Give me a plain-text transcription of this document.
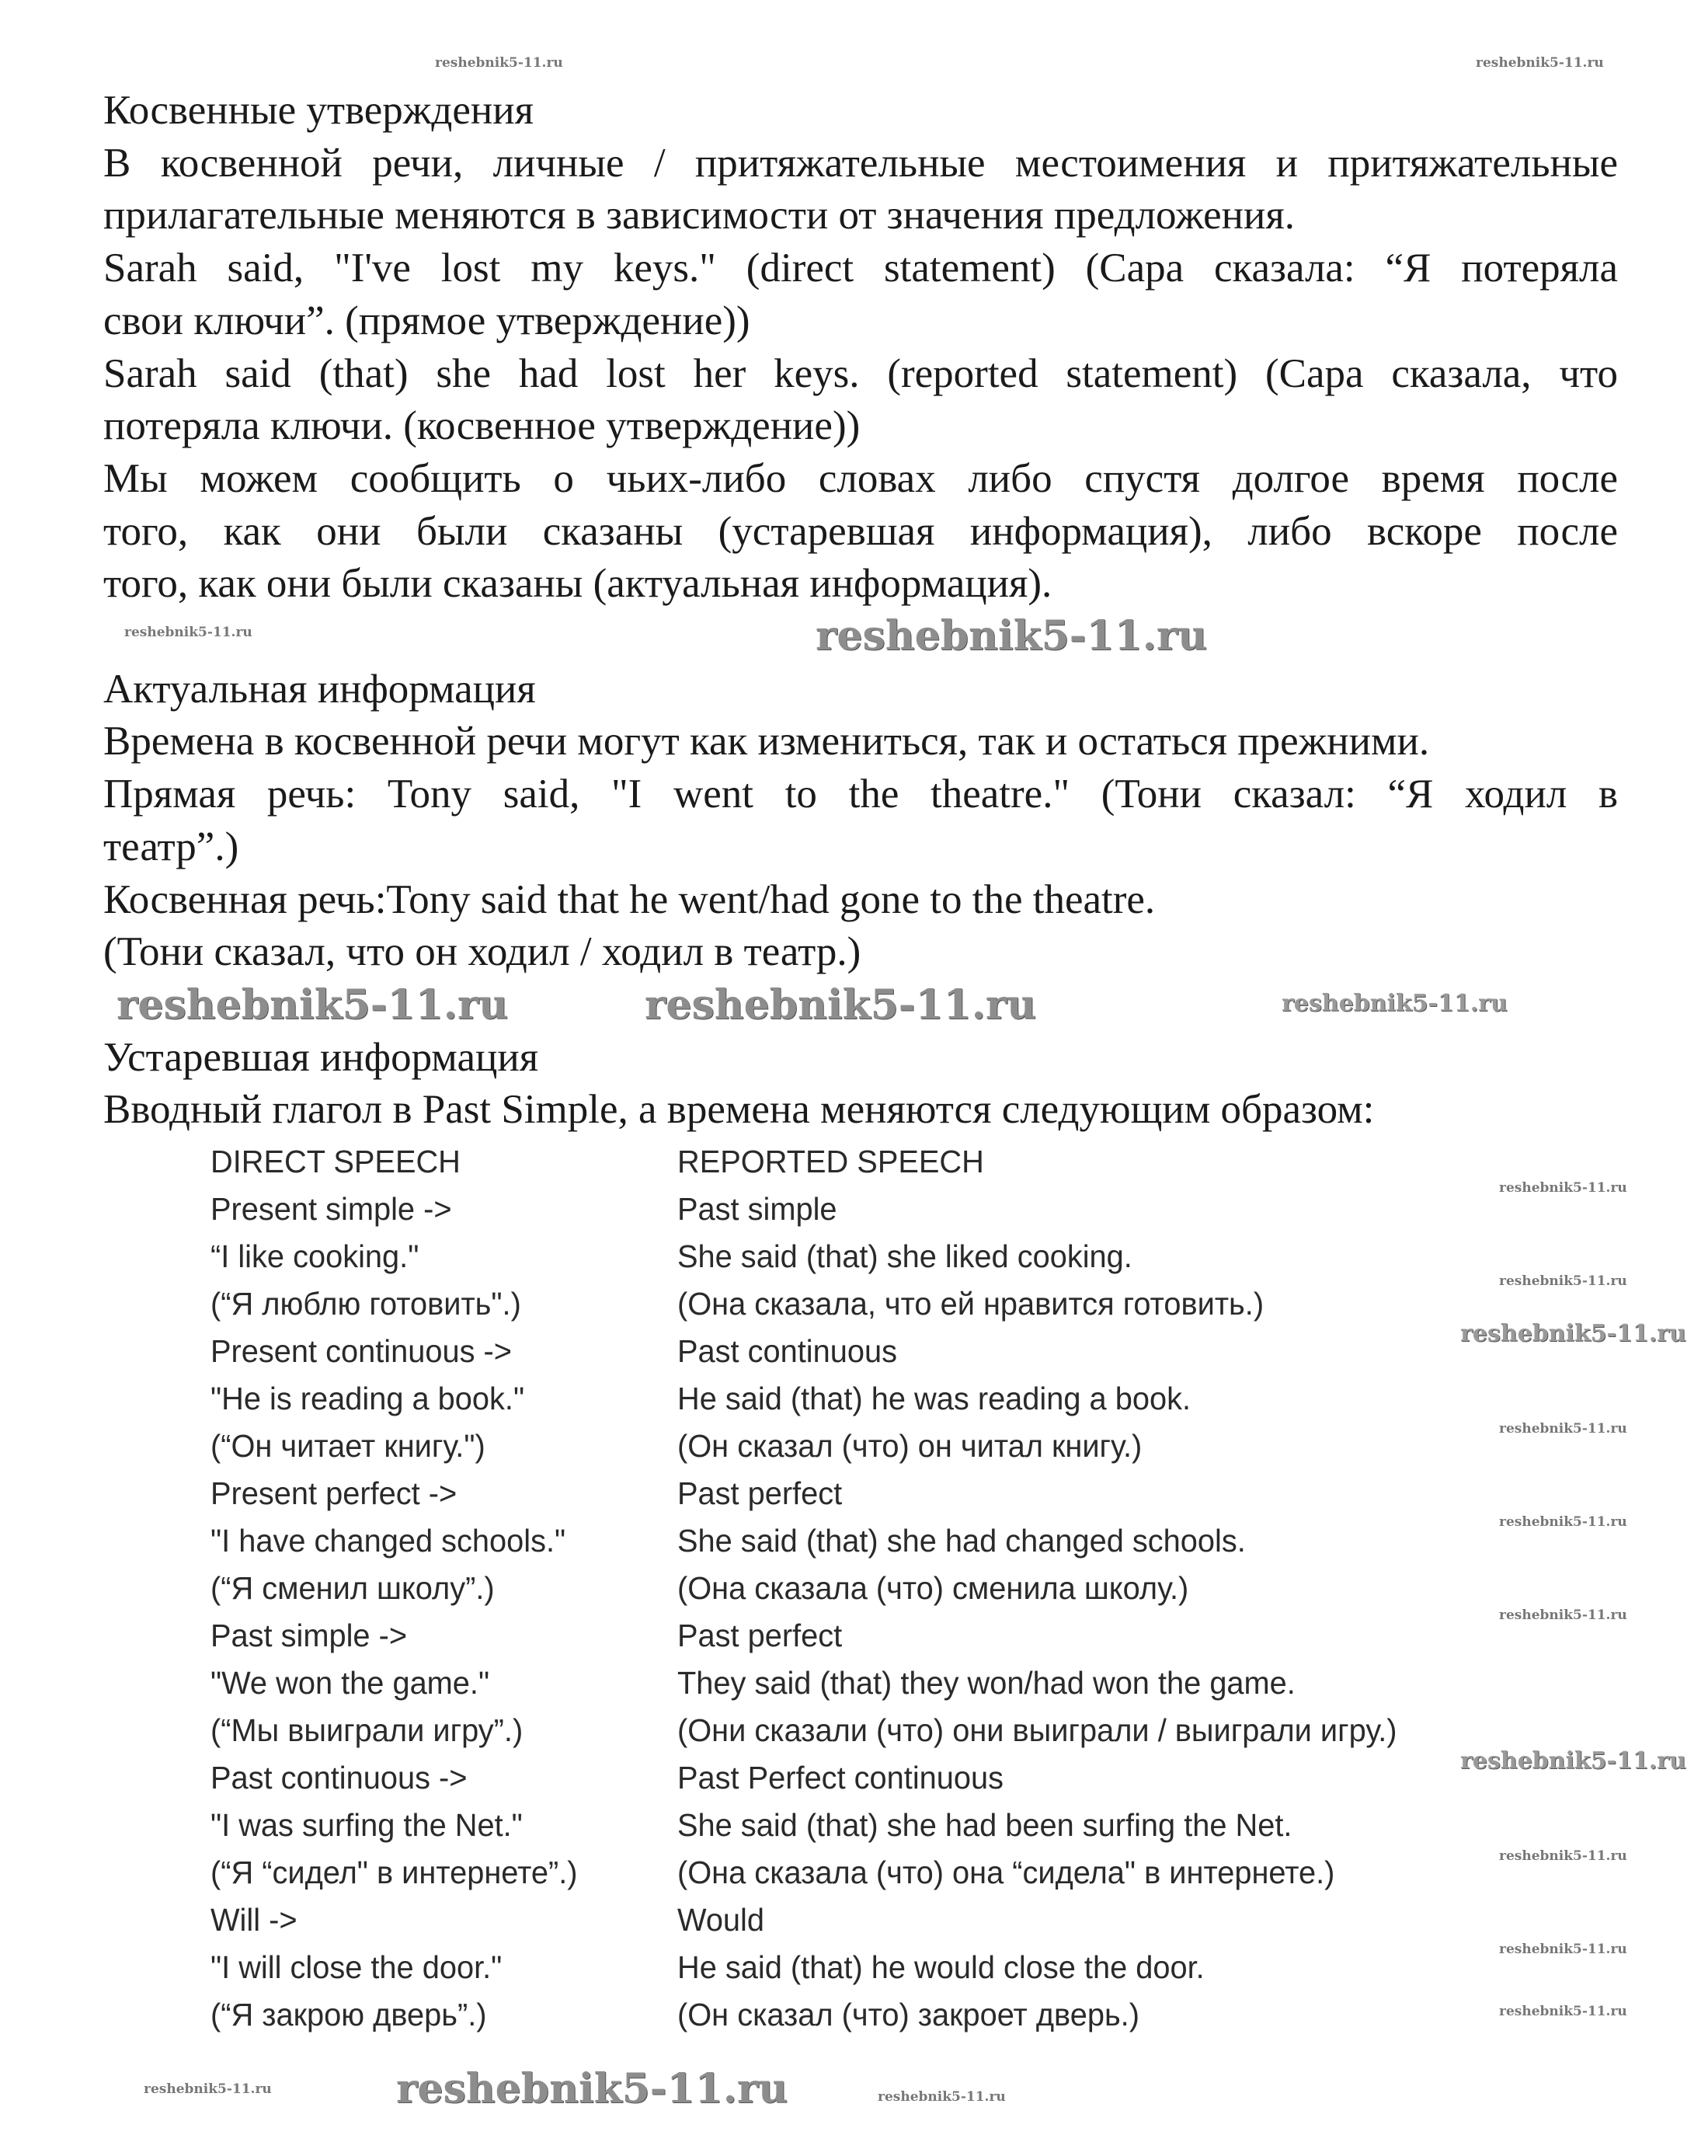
Косвенные утверждения
В косвенной речи, личные / притяжательные местоимения и притяжательные
прилагательные меняются в зависимости от значения предложения.
Sarah said, "I've lost my keys." (direct statement) (Сара сказала: “Я потеряла
свои ключи”. (прямое утверждение))
Sarah said (that) she had lost her keys. (reported statement) (Сара сказала, что
потеряла ключи. (косвенное утверждение))
Мы можем сообщить о чьих-либо словах либо спустя долгое время после
того, как они были сказаны (устаревшая информация), либо вскоре после
того, как они были сказаны (актуальная информация).
Актуальная информация
Времена в косвенной речи могут как измениться, так и остаться прежними.
Прямая речь: Tony said, "I went to the theatre." (Тони сказал: “Я ходил в
театр”.)
Косвенная речь:Tony said that he went/had gone to the theatre.
(Тони сказал, что он ходил / ходил в театр.)
Устаревшая информация
Вводный глагол в Past Simple, а времена меняются следующим образом:
DIRECT SPEECH	REPORTED SPEECH
Present simple ->	Past simple
“I like cooking."	She said (that) she liked cooking.
(“Я люблю готовить".)	(Она сказала, что ей нравится готовить.)
Present continuous ->	Past continuous
"He is reading a book."	He said (that) he was reading a book.
(“Он читает книгу.")	(Он сказал (что) он читал книгу.)
Present perfect ->	Past perfect
"I have changed schools."	She said (that) she had changed schools.
(“Я сменил школу”.)	(Она сказала (что) сменила школу.)
Past simple ->	Past perfect
"We won the game."	They said (that) they won/had won the game.
(“Мы выиграли игру”.)	(Они сказали (что) они выиграли / выиграли игру.)
Past continuous ->	Past Perfect continuous
"I was surfing the Net."	She said (that) she had been surfing the Net.
(“Я “сидел" в интернете”.)	(Она сказала (что) она “сидела" в интернете.)
Will ->	Would
"I will close the door."	He said (that) he would close the door.
(“Я закрою дверь”.)	(Он сказал (что) закроет дверь.)
reshebnik5-11.ru	reshebnik5-11.ru
reshebnik5-11.ru
reshebnik5-11.ru
reshebnik5-11.ru	reshebnik5-11.ru	reshebnik5-11.ru
reshebnik5-11.ru
reshebnik5-11.ru
reshebnik5-11.ru
reshebnik5-11.ru
reshebnik5-11.ru
reshebnik5-11.ru
reshebnik5-11.ru
reshebnik5-11.ru
reshebnik5-11.ru
reshebnik5-11.ru
reshebnik5-11.ru
reshebnik5-11.ru	reshebnik5-11.ru
